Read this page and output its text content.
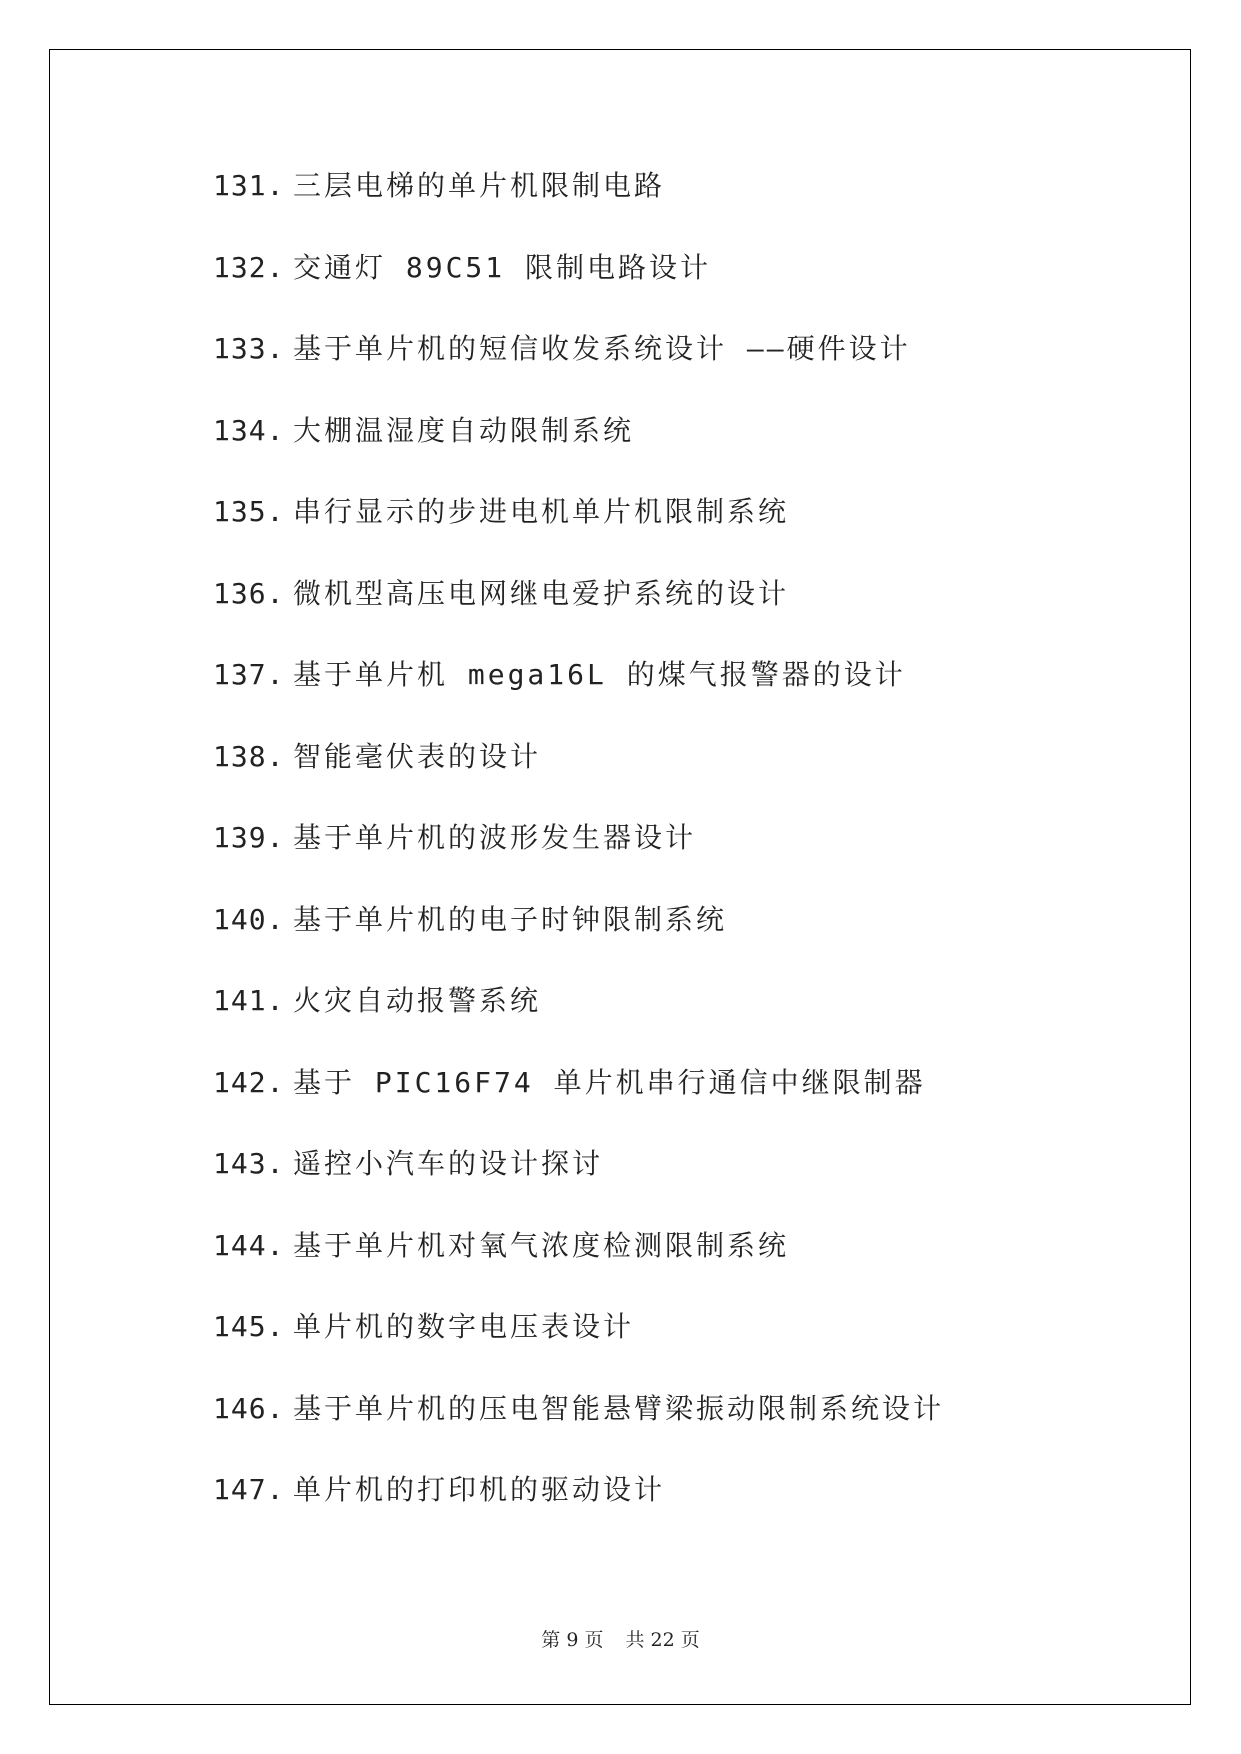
131. 三层电梯的单片机限制电路
132. 交通灯 89C51 限制电路设计
133. 基于单片机的短信收发系统设计 ——硬件设计
134. 大棚温湿度自动限制系统
135. 串行显示的步进电机单片机限制系统
136. 微机型高压电网继电爱护系统的设计
137. 基于单片机 mega16L 的煤气报警器的设计
138. 智能毫伏表的设计
139. 基于单片机的波形发生器设计
140. 基于单片机的电子时钟限制系统
141. 火灾自动报警系统
142. 基于 PIC16F74 单片机串行通信中继限制器
143. 遥控小汽车的设计探讨
144. 基于单片机对氧气浓度检测限制系统
145. 单片机的数字电压表设计
146. 基于单片机的压电智能悬臂梁振动限制系统设计
147. 单片机的打印机的驱动设计
第 9 页 共 22 页
